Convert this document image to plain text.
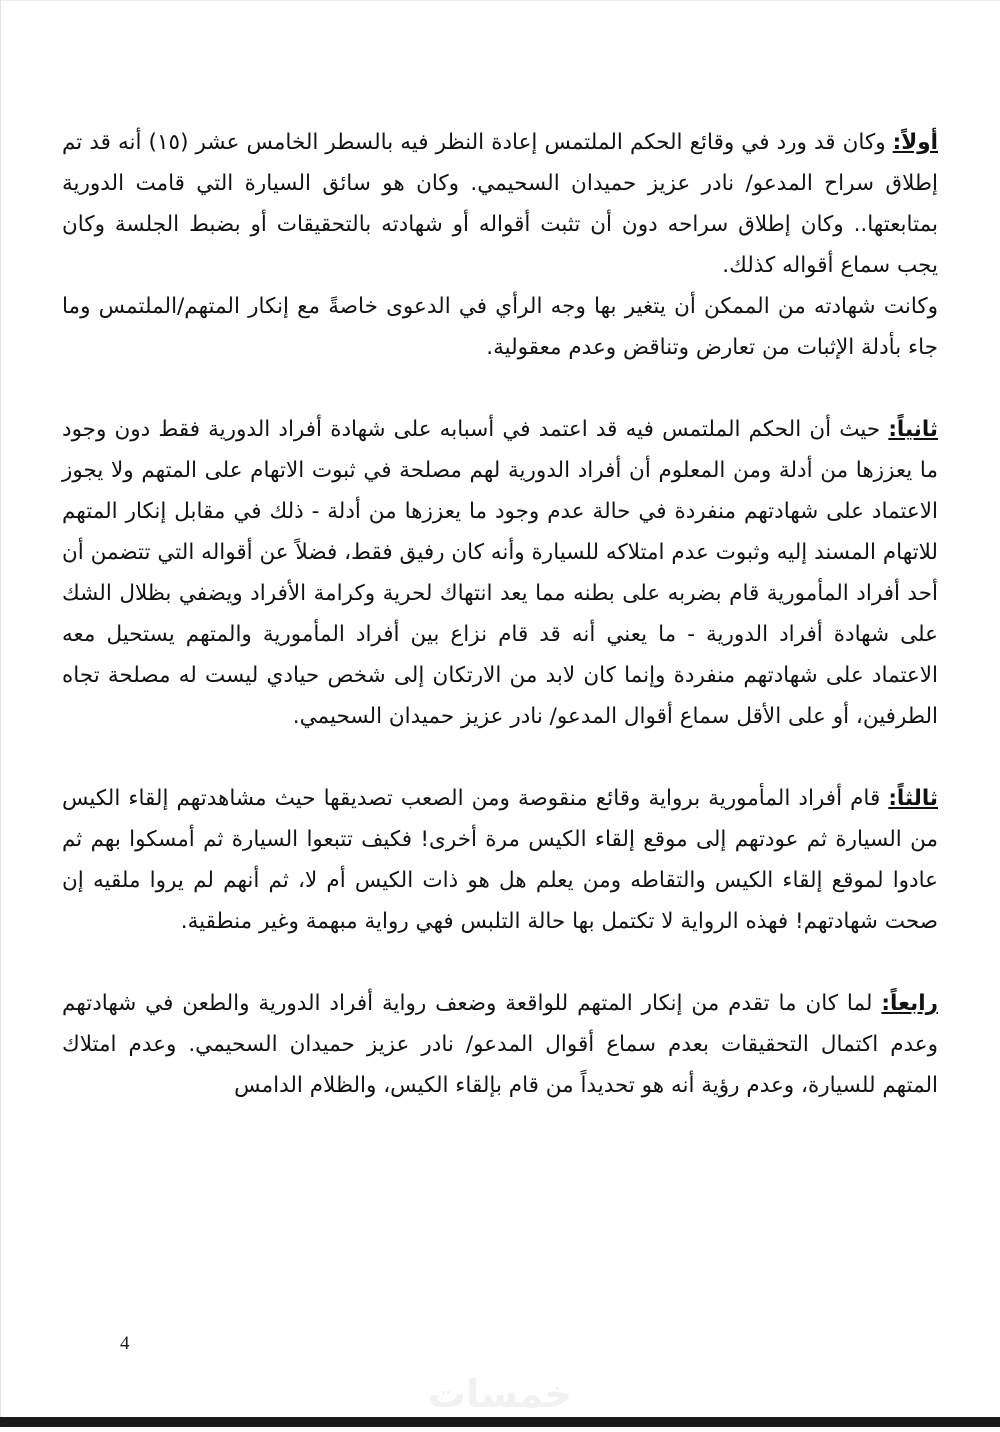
أولاً: وكان قد ورد في وقائع الحكم الملتمس إعادة النظر فيه بالسطر الخامس عشر (١٥) أنه قد تم إطلاق سراح المدعو/ نادر عزيز حميدان السحيمي. وكان هو سائق السيارة التي قامت الدورية بمتابعتها.. وكان إطلاق سراحه دون أن تثبت أقواله أو شهادته بالتحقيقات أو بضبط الجلسة وكان يجب سماع أقواله كذلك.

وكانت شهادته من الممكن أن يتغير بها وجه الرأي في الدعوى خاصةً مع إنكار المتهم/الملتمس وما جاء بأدلة الإثبات من تعارض وتناقض وعدم معقولية.

ثانياً: حيث أن الحكم الملتمس فيه قد اعتمد في أسبابه على شهادة أفراد الدورية فقط دون وجود ما يعززها من أدلة ومن المعلوم أن أفراد الدورية لهم مصلحة في ثبوت الاتهام على المتهم ولا يجوز الاعتماد على شهادتهم منفردة في حالة عدم وجود ما يعززها من أدلة - ذلك في مقابل إنكار المتهم للاتهام المسند إليه وثبوت عدم امتلاكه للسيارة وأنه كان رفيق فقط، فضلاً عن أقواله التي تتضمن أن أحد أفراد المأمورية قام بضربه على بطنه مما يعد انتهاك لحرية وكرامة الأفراد ويضفي بظلال الشك على شهادة أفراد الدورية - ما يعني أنه قد قام نزاع بين أفراد المأمورية والمتهم يستحيل معه الاعتماد على شهادتهم منفردة وإنما كان لابد من الارتكان إلى شخص حيادي ليست له مصلحة تجاه الطرفين، أو على الأقل سماع أقوال المدعو/ نادر عزيز حميدان السحيمي.

ثالثاً: قام أفراد المأمورية برواية وقائع منقوصة ومن الصعب تصديقها حيث مشاهدتهم إلقاء الكيس من السيارة ثم عودتهم إلى موقع إلقاء الكيس مرة أخرى! فكيف تتبعوا السيارة ثم أمسكوا بهم ثم عادوا لموقع إلقاء الكيس والتقاطه ومن يعلم هل هو ذات الكيس أم لا، ثم أنهم لم يروا ملقيه إن صحت شهادتهم! فهذه الرواية لا تكتمل بها حالة التلبس فهي رواية مبهمة وغير منطقية.

رابعاً: لما كان ما تقدم من إنكار المتهم للواقعة وضعف رواية أفراد الدورية والطعن في شهادتهم وعدم اكتمال التحقيقات بعدم سماع أقوال المدعو/ نادر عزيز حميدان السحيمي. وعدم امتلاك المتهم للسيارة، وعدم رؤية أنه هو تحديداً من قام بإلقاء الكيس، والظلام الدامس

4
خمسات
